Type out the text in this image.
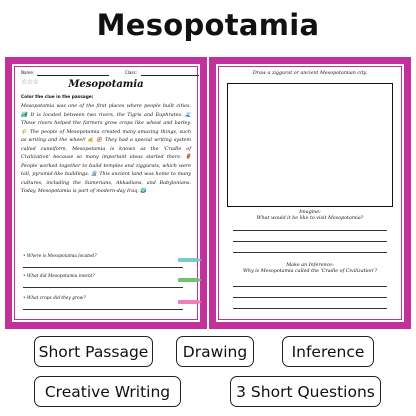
Mesopotamia
Name:	Class:
☆☆☆	Mesopotamia
Color the clue in the passage:
Mesopotamia was one of the first places where people built cities. 🏞️ It is located between two rivers, the Tigris and Euphrates. 🌊 These rivers helped the farmers grow crops like wheat and barley. 🌾 The people of Mesopotamia created many amazing things, such as writing and the wheel! ✍️ 🛞 They had a special writing system called cuneiform. Mesopotamia is known as the 'Cradle of Civilization' because so many important ideas started there. 🏺 People worked together to build temples and ziggurats, which were tall, pyramid-like buildings. 🏛️ This ancient land was home to many cultures, including the Sumerians, Akkadians, and Babylonians. Today, Mesopotamia is part of modern-day Iraq. 🌍
• Where is Mesopotamia located?
• What did Mesopotamia invent?
• What crops did they grow?
Draw a ziggurat or ancient Mesopotamian city.
Imagine:
What would it be like to visit Mesopotamia?
Make an Inference:
Why is Mesopotamia called the 'Cradle of Civilization'?
Short Passage	Drawing	Inference
Creative Writing	3 Short Questions
